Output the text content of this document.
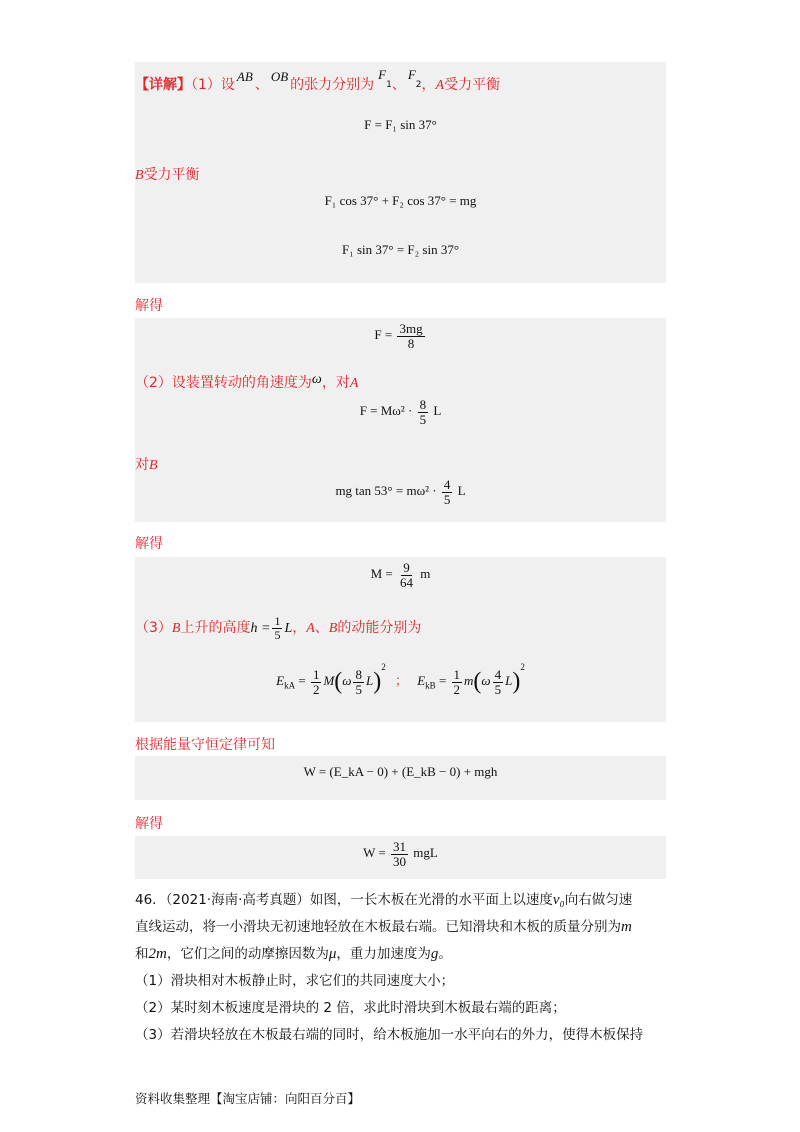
【详解】（1）设AB、OB的张力分别为$F_1$、$F_2$，A受力平衡
F = F₁ sin 37°
B受力平衡
F₁ cos 37° + F₂ cos 37° = mg
F₁ sin 37° = F₂ sin 37°
解得
$F = \frac{3mg}{8}$
（2）设装置转动的角速度为ω，对A
$F = M\omega^2 \cdot \frac{8}{5}$ L
对B
mg $\tan 53^\circ = m\omega^2 \cdot \frac{4}{5}$ L
解得
$M = \frac{9}{64}$ m
（3）B上升的高度$h = \frac{1}{5}$ L，A、B的动能分别为
$E_{kA} = \frac{1}{2} M(\omega \frac{8}{5} L)^2$ ； $E_{kB} = \frac{1}{2} m(\omega \frac{4}{5} L)^2$
根据能量守恒定律可知
W = (E_kA − 0) + (E_kB − 0) + mgh
解得
$W = \frac{31}{30}$ mgL
46．（2021·海南·高考真题）如图，一长木板在光滑的水平面上以速度v₀向右做匀速
直线运动，将一小滑块无初速地轻放在木板最右端。已知滑块和木板的质量分别为m
和2m，它们之间的动摩擦因数为μ，重力加速度为g。
（1）滑块相对木板静止时，求它们的共同速度大小；
（2）某时刻木板速度是滑块的 2 倍，求此时滑块到木板最右端的距离；
（3）若滑块轻放在木板最右端的同时，给木板施加一水平向右的外力，使得木板保持
资料收集整理【淘宝店铺：向阳百分百】
